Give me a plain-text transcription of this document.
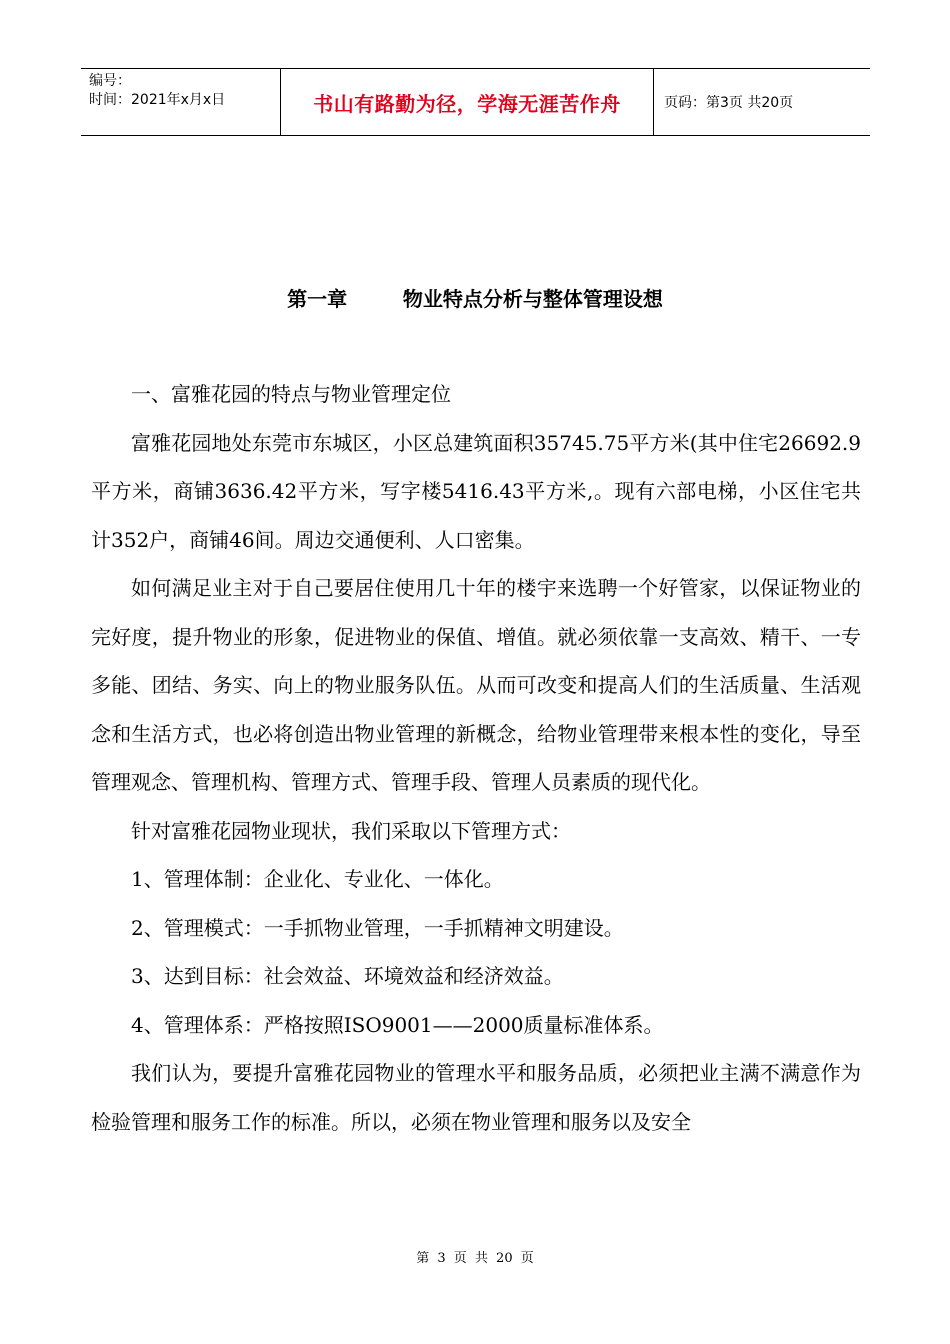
编号：
时间：2021年x月x日	书山有路勤为径，学海无涯苦作舟	页码：第3页 共20页
第一章        物业特点分析与整体管理设想

一、富雅花园的特点与物业管理定位

富雅花园地处东莞市东城区，小区总建筑面积35745.75平方米(其中住宅26692.9平方米，商铺3636.42平方米，写字楼5416.43平方米,。现有六部电梯，小区住宅共计352户，商铺46间。周边交通便利、人口密集。

如何满足业主对于自己要居住使用几十年的楼宇来选聘一个好管家，以保证物业的完好度，提升物业的形象，促进物业的保值、增值。就必须依靠一支高效、精干、一专多能、团结、务实、向上的物业服务队伍。从而可改变和提高人们的生活质量、生活观念和生活方式，也必将创造出物业管理的新概念，给物业管理带来根本性的变化，导至管理观念、管理机构、管理方式、管理手段、管理人员素质的现代化。

针对富雅花园物业现状，我们采取以下管理方式：

1、管理体制：企业化、专业化、一体化。

2、管理模式：一手抓物业管理，一手抓精神文明建设。

3、达到目标：社会效益、环境效益和经济效益。

4、管理体系：严格按照ISO9001——2000质量标准体系。

我们认为，要提升富雅花园物业的管理水平和服务品质，必须把业主满不满意作为检验管理和服务工作的标准。所以，必须在物业管理和服务以及安全

第 3 页 共 20 页
